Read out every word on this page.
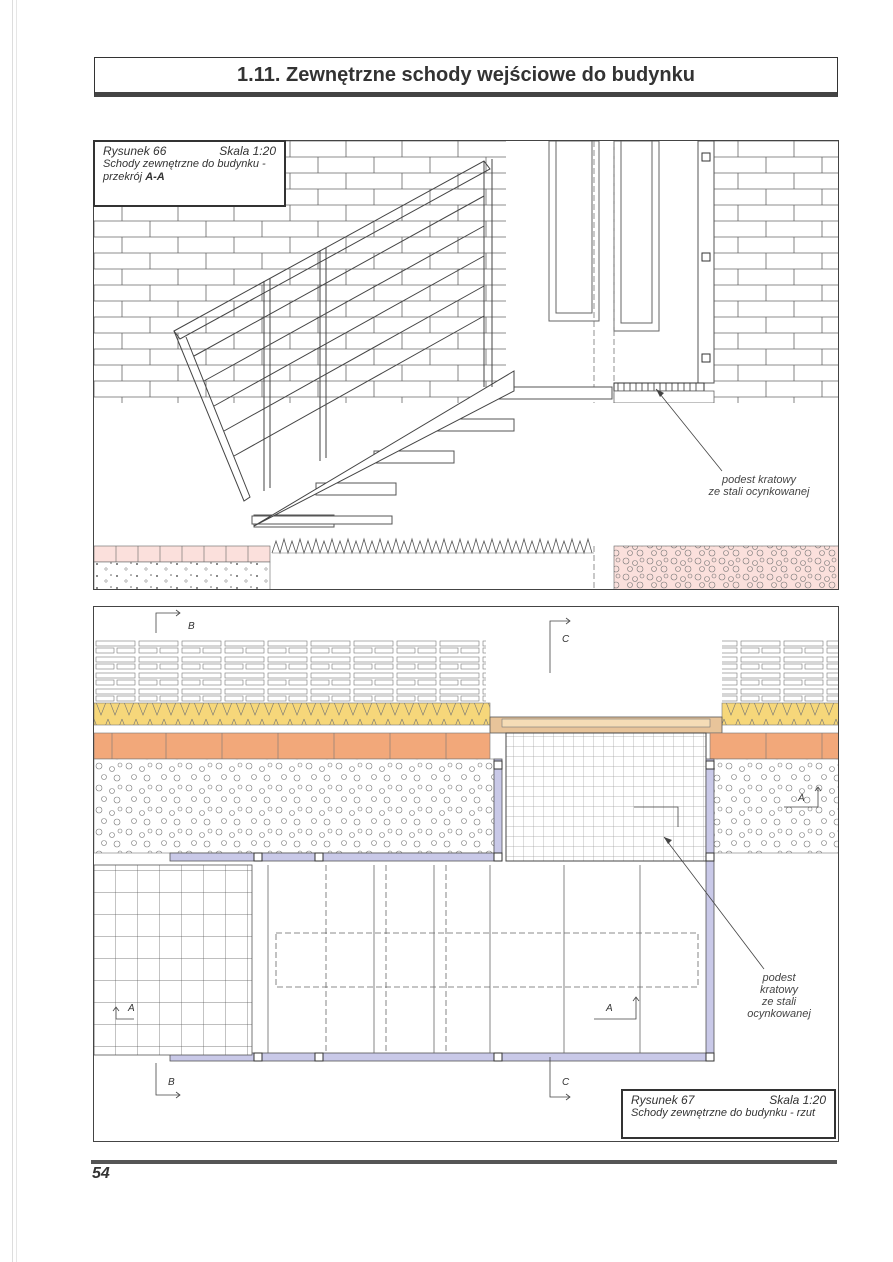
1.11. Zewnętrzne schody wejściowe do budynku
podest kratowy
ze stali ocynkowanej
Rysunek 66	Skala 1:20
Schody zewnętrzne do budynku -
przekrój A-A
B
B
C
C
A	A
A
podest
kratowy
ze stali
ocynkowanej
Rysunek 67	Skala 1:20
Schody zewnętrzne do budynku - rzut
54
